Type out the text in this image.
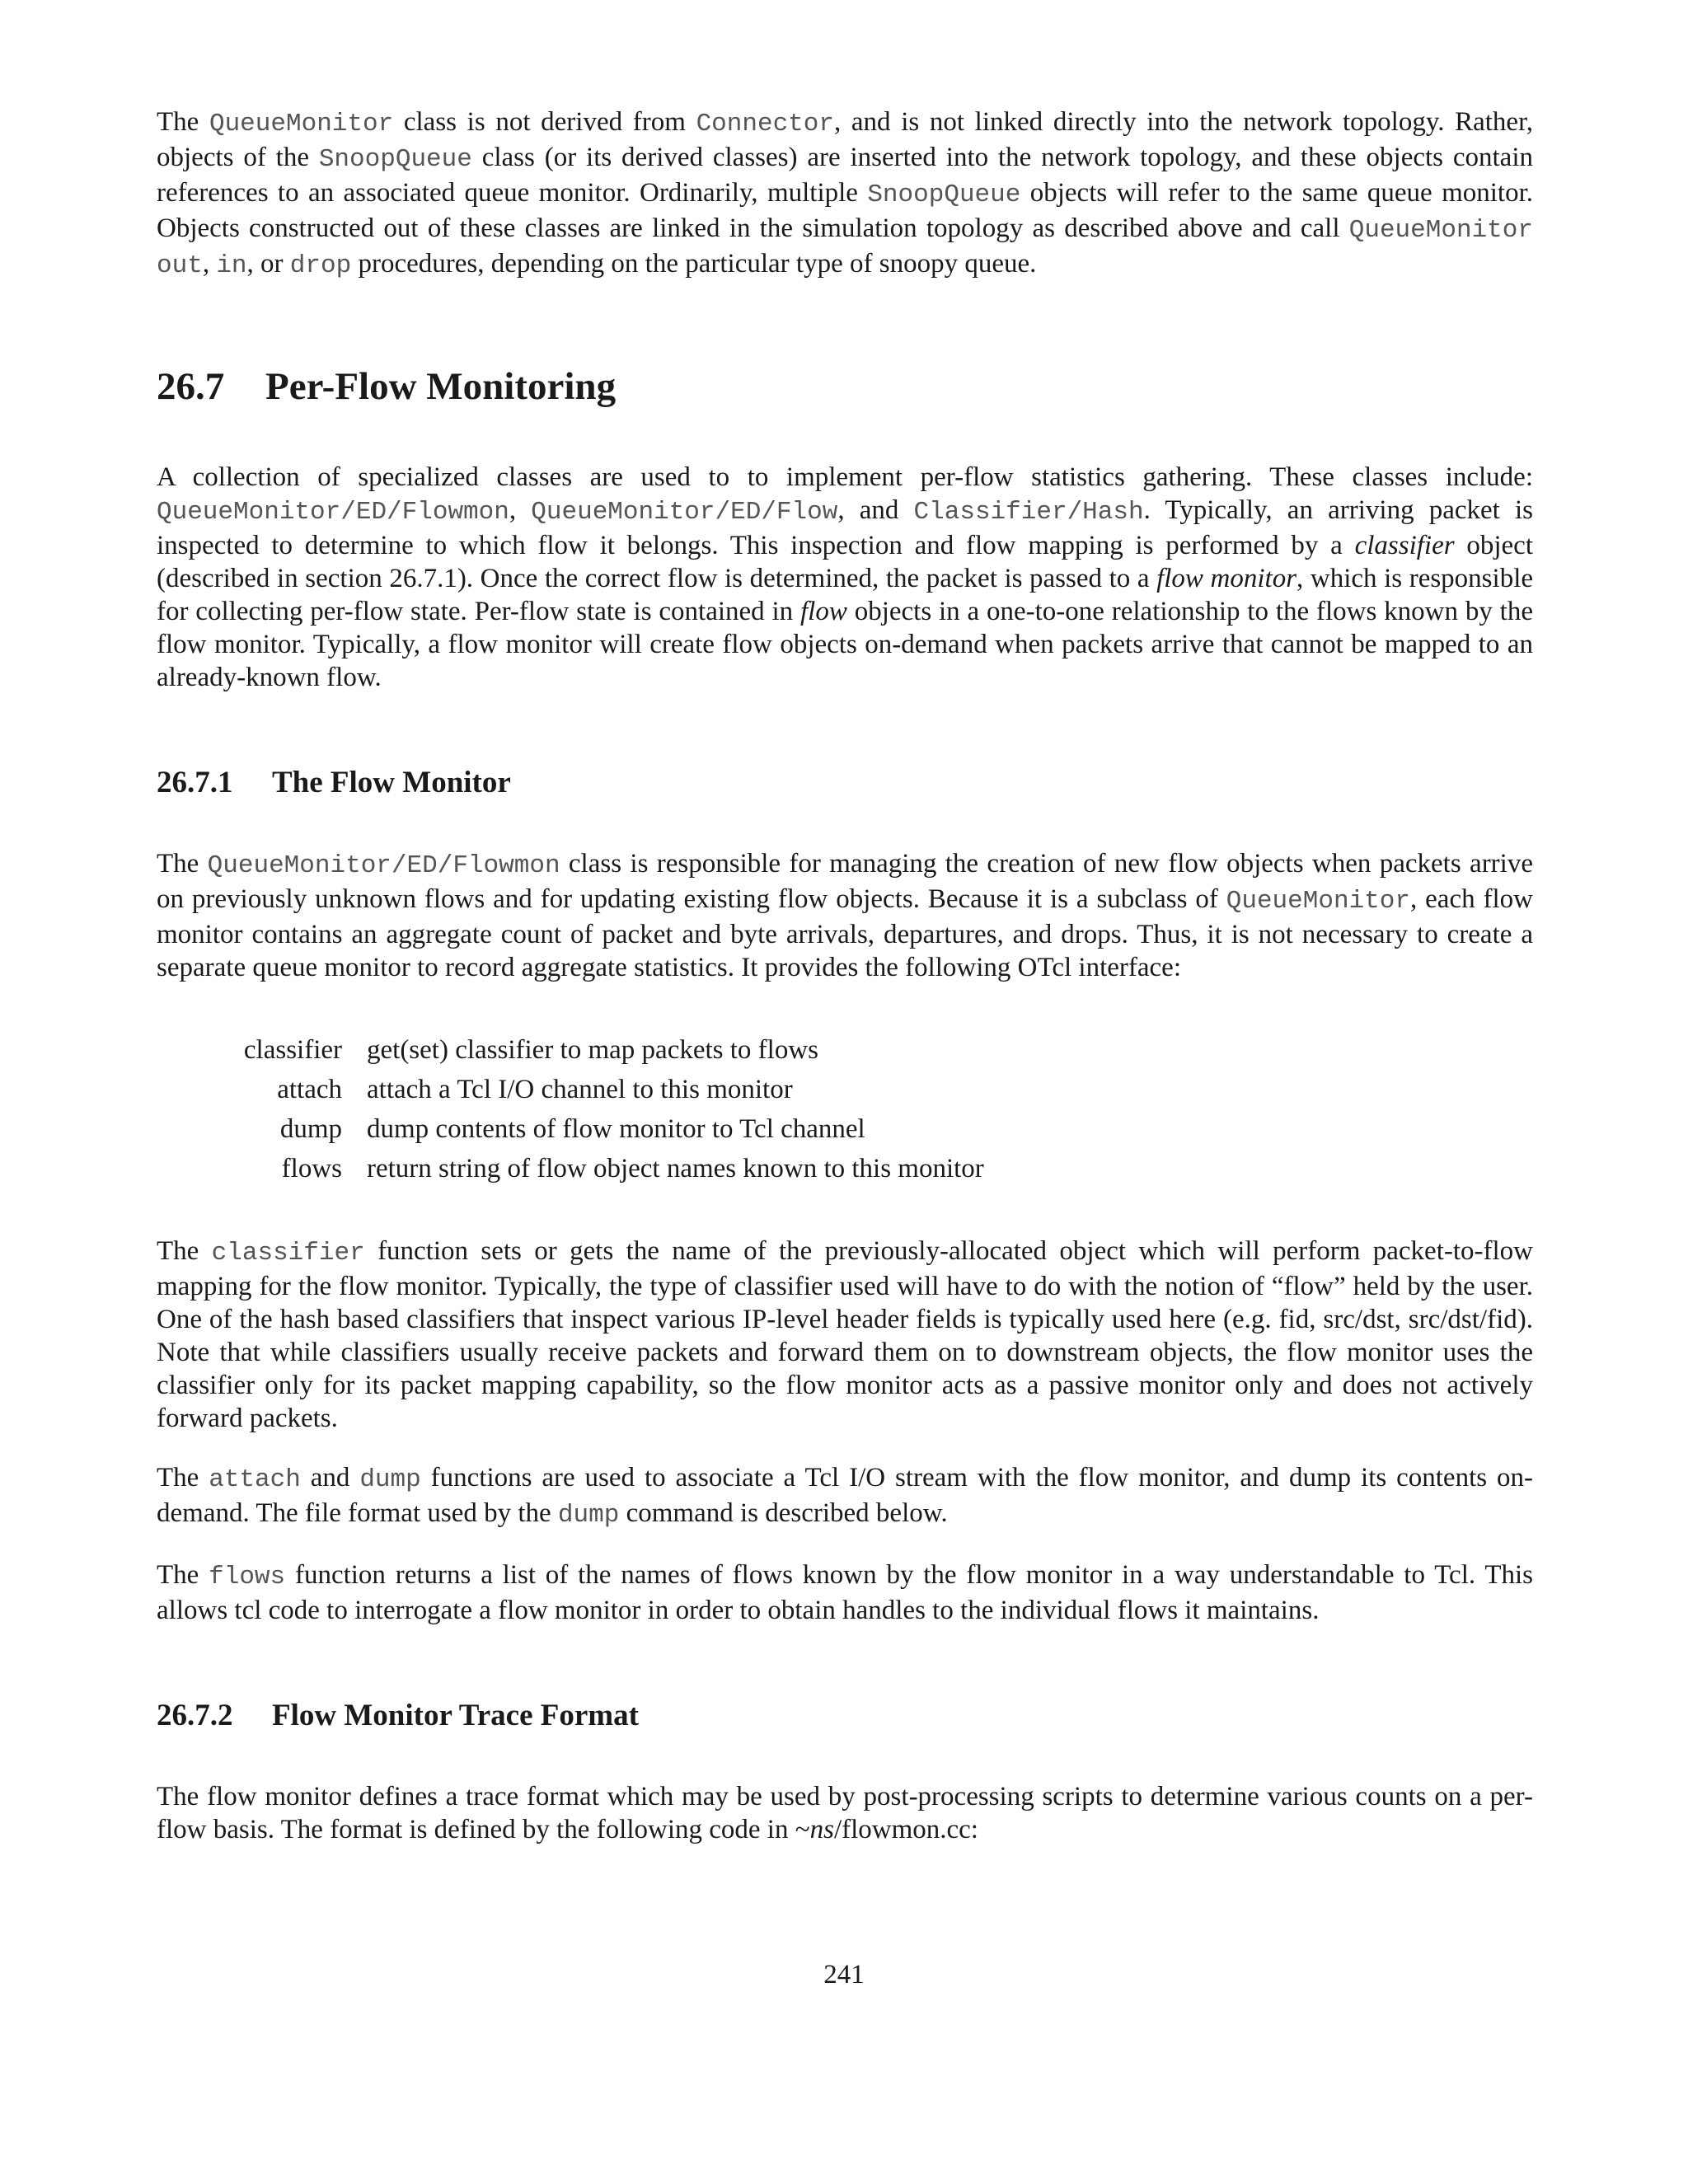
The QueueMonitor class is not derived from Connector, and is not linked directly into the network topology. Rather, objects of the SnoopQueue class (or its derived classes) are inserted into the network topology, and these objects contain references to an associated queue monitor. Ordinarily, multiple SnoopQueue objects will refer to the same queue monitor. Objects constructed out of these classes are linked in the simulation topology as described above and call QueueMonitor out, in, or drop procedures, depending on the particular type of snoopy queue.

26.7 Per-Flow Monitoring

A collection of specialized classes are used to to implement per-flow statistics gathering. These classes include: QueueMonitor/ED/Flowmon, QueueMonitor/ED/Flow, and Classifier/Hash. Typically, an arriving packet is inspected to determine to which flow it belongs. This inspection and flow mapping is performed by a classifier object (described in section 26.7.1). Once the correct flow is determined, the packet is passed to a flow monitor, which is responsible for collecting per-flow state. Per-flow state is contained in flow objects in a one-to-one relationship to the flows known by the flow monitor. Typically, a flow monitor will create flow objects on-demand when packets arrive that cannot be mapped to an already-known flow.

26.7.1 The Flow Monitor

The QueueMonitor/ED/Flowmon class is responsible for managing the creation of new flow objects when packets arrive on previously unknown flows and for updating existing flow objects. Because it is a subclass of QueueMonitor, each flow monitor contains an aggregate count of packet and byte arrivals, departures, and drops. Thus, it is not necessary to create a separate queue monitor to record aggregate statistics. It provides the following OTcl interface:

classifier get(set) classifier to map packets to flows
attach attach a Tcl I/O channel to this monitor
dump dump contents of flow monitor to Tcl channel
flows return string of flow object names known to this monitor

The classifier function sets or gets the name of the previously-allocated object which will perform packet-to-flow mapping for the flow monitor. Typically, the type of classifier used will have to do with the notion of “flow” held by the user. One of the hash based classifiers that inspect various IP-level header fields is typically used here (e.g. fid, src/dst, src/dst/fid). Note that while classifiers usually receive packets and forward them on to downstream objects, the flow monitor uses the classifier only for its packet mapping capability, so the flow monitor acts as a passive monitor only and does not actively forward packets.

The attach and dump functions are used to associate a Tcl I/O stream with the flow monitor, and dump its contents on-demand. The file format used by the dump command is described below.

The flows function returns a list of the names of flows known by the flow monitor in a way understandable to Tcl. This allows tcl code to interrogate a flow monitor in order to obtain handles to the individual flows it maintains.

26.7.2 Flow Monitor Trace Format

The flow monitor defines a trace format which may be used by post-processing scripts to determine various counts on a per-flow basis. The format is defined by the following code in ~ns/flowmon.cc:

241
